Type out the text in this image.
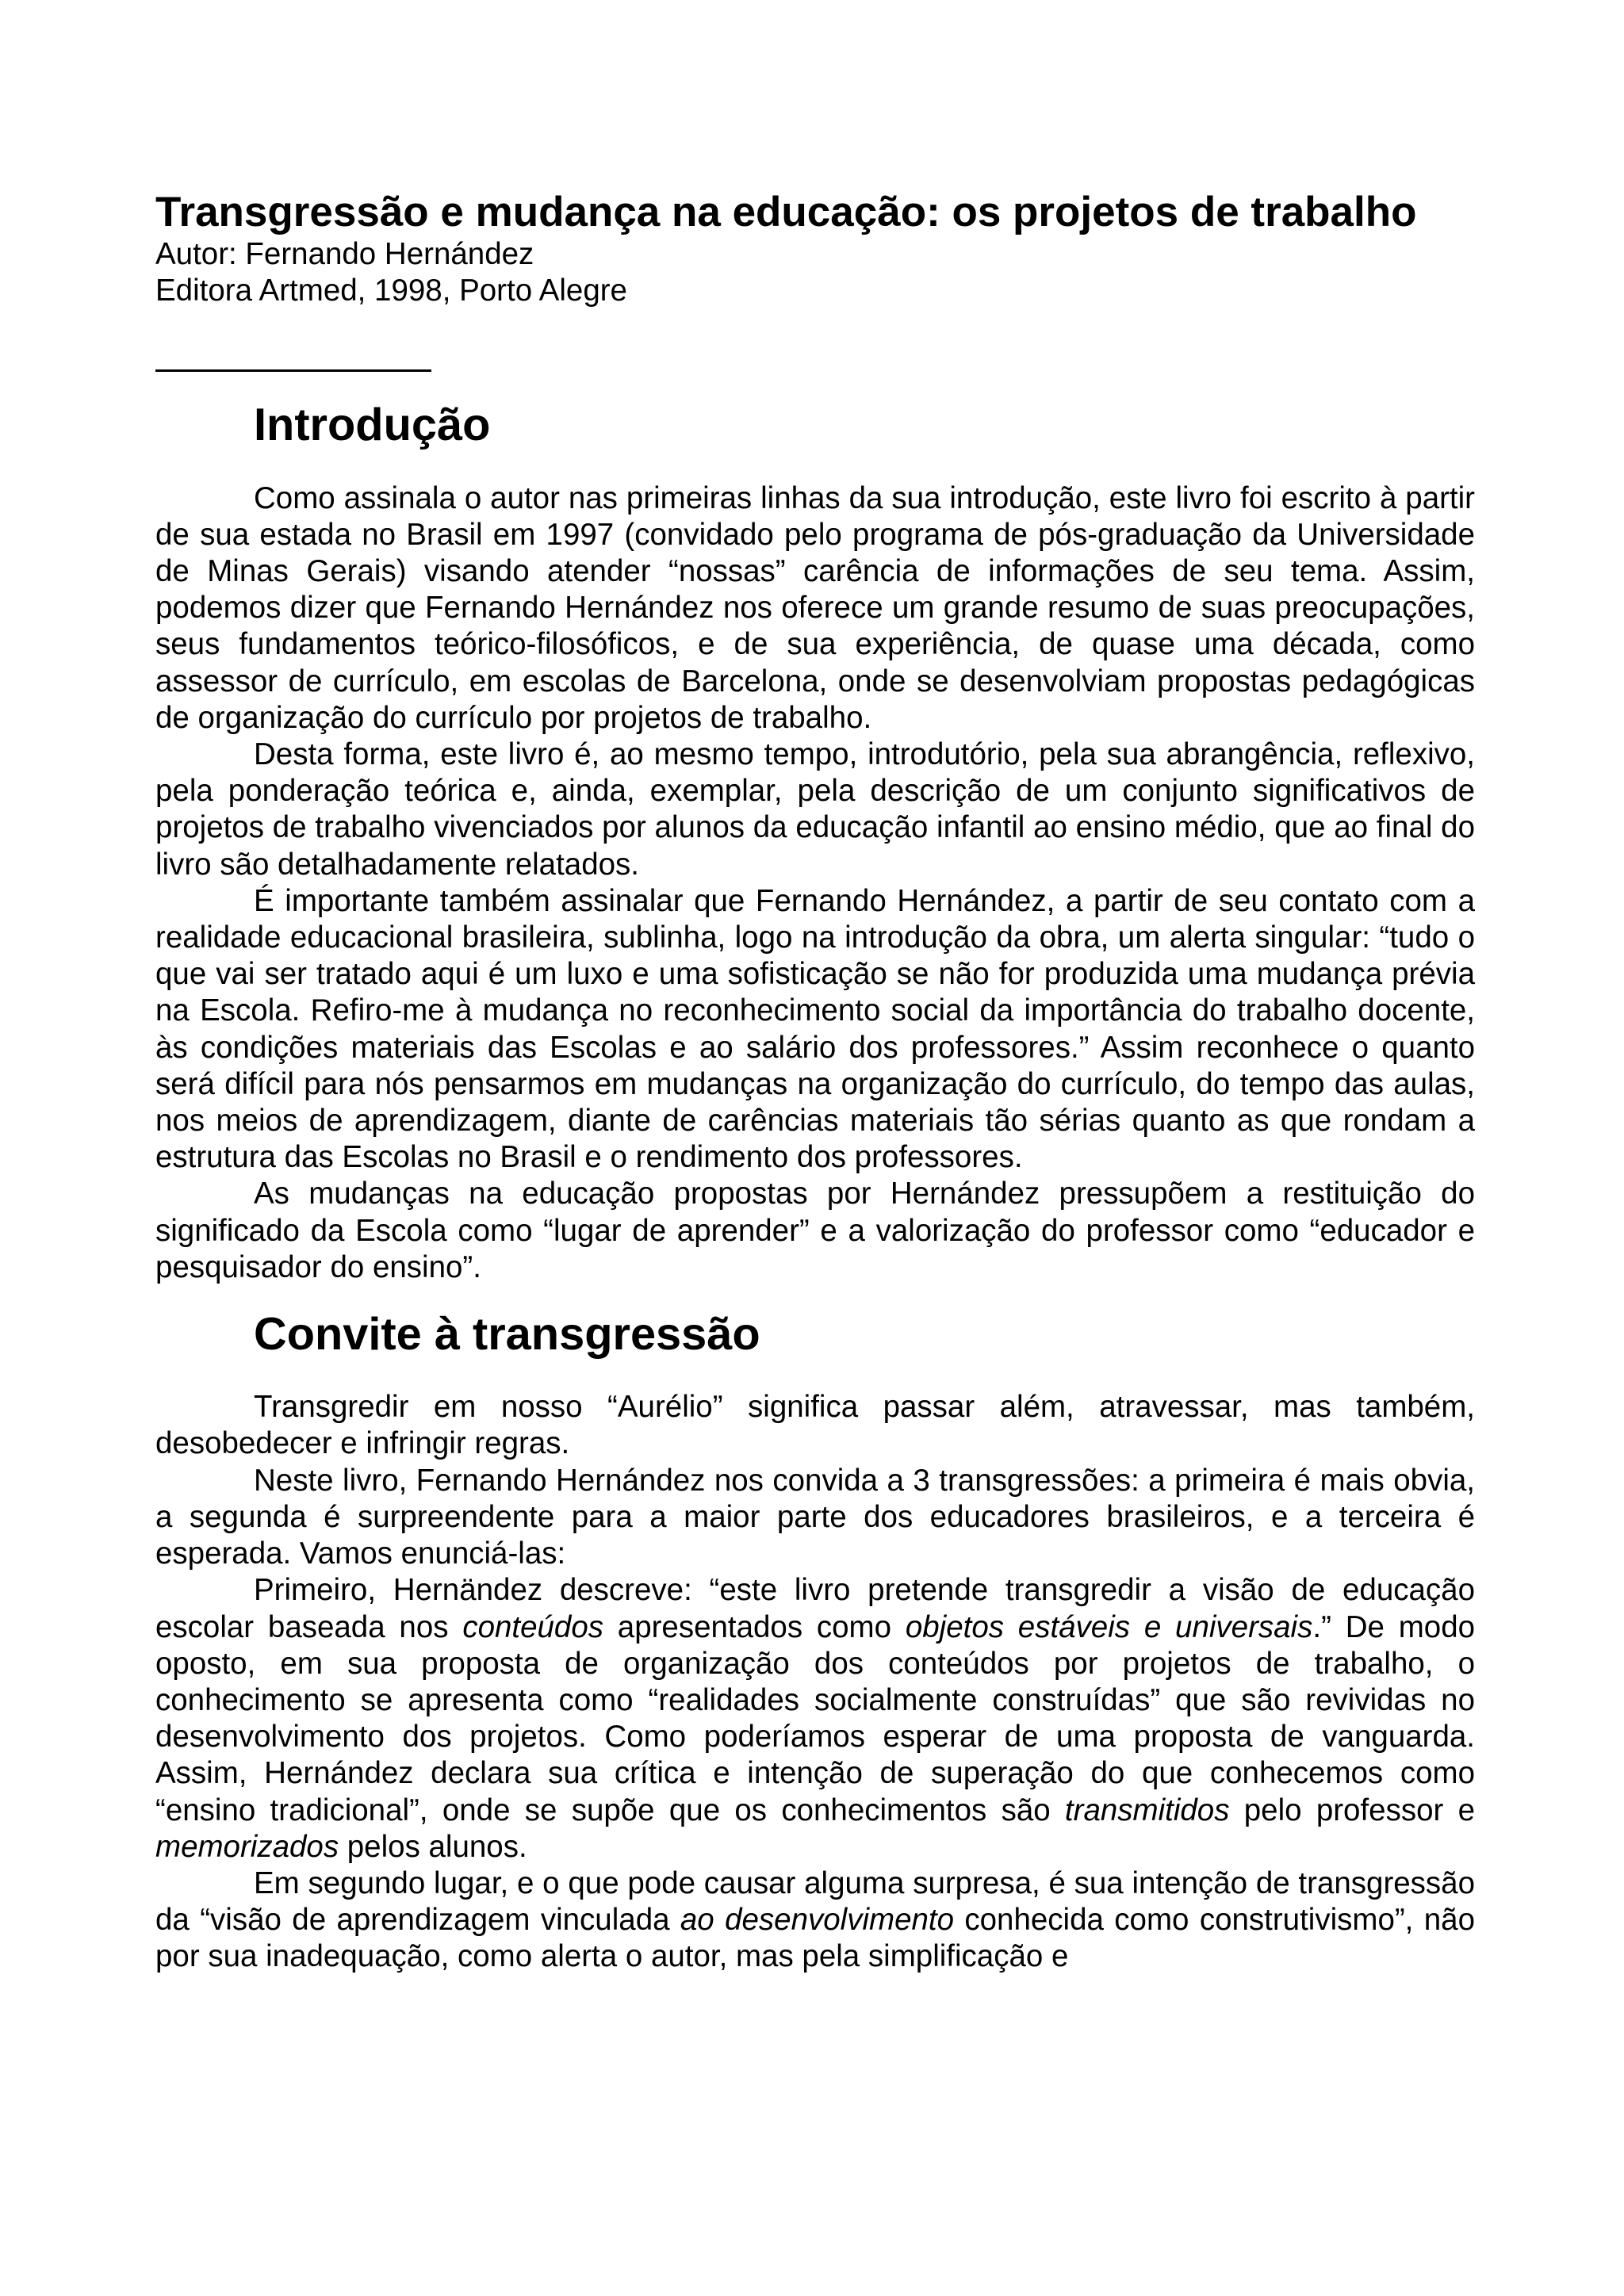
Transgressão e mudança na educação: os projetos de trabalho

Autor: Fernando Hernández

Editora Artmed, 1998, Porto Alegre

Introdução

Como assinala o autor nas primeiras linhas da sua introdução, este livro foi escrito à partir de sua estada no Brasil em 1997 (convidado pelo programa de pós-graduação da Universidade de Minas Gerais) visando atender “nossas” carência de informações de seu tema. Assim, podemos dizer que Fernando Hernández nos oferece um grande resumo de suas preocupações, seus fundamentos teórico-filosóficos, e de sua experiência, de quase uma década, como assessor de currículo, em escolas de Barcelona, onde se desenvolviam propostas pedagógicas de organização do currículo por projetos de trabalho.

Desta forma, este livro é, ao mesmo tempo, introdutório, pela sua abrangência, reflexivo, pela ponderação teórica e, ainda, exemplar, pela descrição de um conjunto significativos de projetos de trabalho vivenciados por alunos da educação infantil ao ensino médio, que ao final do livro são detalhadamente relatados.

É importante também assinalar que Fernando Hernández, a partir de seu contato com a realidade educacional brasileira, sublinha, logo na introdução da obra, um alerta singular: “tudo o que vai ser tratado aqui é um luxo e uma sofisticação se não for produzida uma mudança prévia na Escola. Refiro-me à mudança no reconhecimento social da importância do trabalho docente, às condições materiais das Escolas e ao salário dos professores.” Assim reconhece o quanto será difícil para nós pensarmos em mudanças na organização do currículo, do tempo das aulas, nos meios de aprendizagem, diante de carências materiais tão sérias quanto as que rondam a estrutura das Escolas no Brasil e o rendimento dos professores.

As mudanças na educação propostas por Hernández pressupõem a restituição do significado da Escola como “lugar de aprender” e a valorização do professor como “educador e pesquisador do ensino”.

Convite à transgressão

Transgredir em nosso “Aurélio” significa passar além, atravessar, mas também, desobedecer e infringir regras.

Neste livro, Fernando Hernández nos convida a 3 transgressões: a primeira é mais obvia, a segunda é surpreendente para a maior parte dos educadores brasileiros, e a terceira é esperada. Vamos enunciá-las:

Primeiro, Hernändez descreve: “este livro pretende transgredir a visão de educação escolar baseada nos conteúdos apresentados como objetos estáveis e universais.” De modo oposto, em sua proposta de organização dos conteúdos por projetos de trabalho, o conhecimento se apresenta como “realidades socialmente construídas” que são revividas no desenvolvimento dos projetos. Como poderíamos esperar de uma proposta de vanguarda. Assim, Hernández declara sua crítica e intenção de superação do que conhecemos como “ensino tradicional”, onde se supõe que os conhecimentos são transmitidos pelo professor e memorizados pelos alunos.

Em segundo lugar, e o que pode causar alguma surpresa, é sua intenção de transgressão da “visão de aprendizagem vinculada ao desenvolvimento conhecida como construtivismo”, não por sua inadequação, como alerta o autor, mas pela simplificação e
